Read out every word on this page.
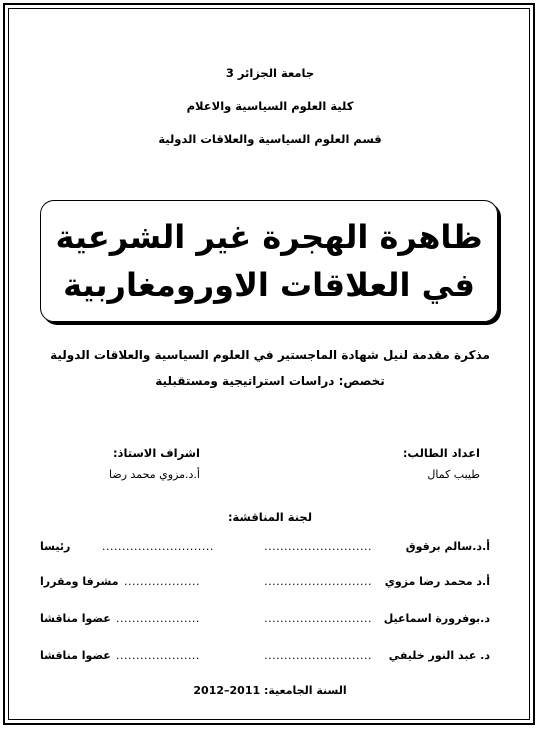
جامعة الجزائر 3
كلية العلوم السياسية والاعلام
قسم العلوم السياسية والعلاقات الدولية
ظاهرة الهجرة غير الشرعية
في العلاقات الاورومغاربية
مذكرة مقدمة لنيل شهادة الماجستير في العلوم السياسية والعلاقات الدولية
تخصص: دراسات استراتيجية ومستقبلية
اعداد الطالب:
طيبب كمال
اشراف الاستاذ:
أ.د.مزوي محمد رضا
لجنة المناقشة:
أ.د.سالم برقوق
...........................
............................
رئيسا
أ.د محمد رضا مزوي
...........................
...................
مشرفا ومقررا
د.بوفرورة اسماعيل
...........................
.....................
عضوا مناقشا
د. عبد النور خليفي
...........................
.....................
عضوا مناقشا
السنة الجامعية: 2011–2012
